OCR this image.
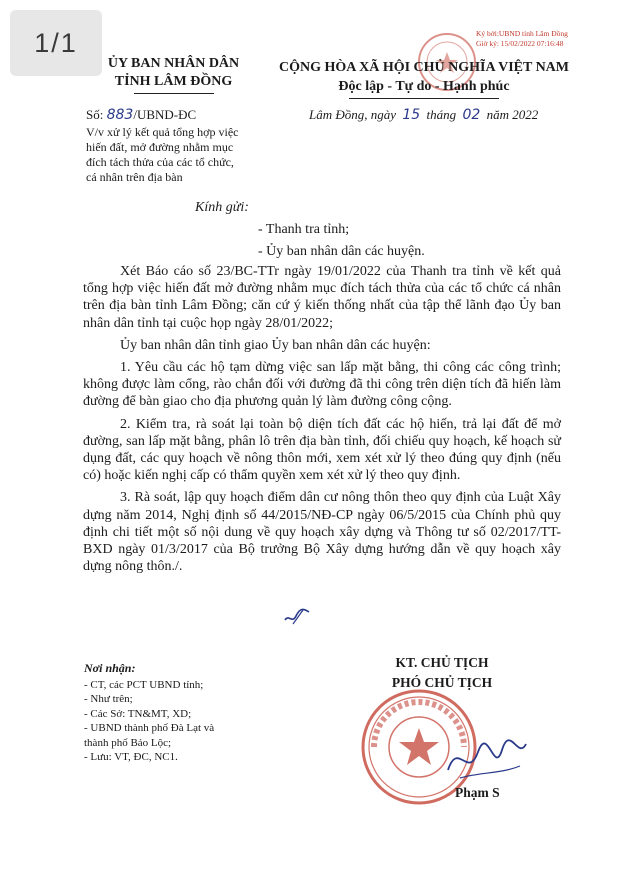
1/1	Ký bởi:UBND tỉnh Lâm Đồng
Giờ ký: 15/02/2022 07:16:48
ỦY BAN NHÂN DÂN
TỈNH LÂM ĐỒNG
CỘNG HÒA XÃ HỘI CHỦ NGHĨA VIỆT NAM
Độc lập - Tự do - Hạnh phúc
Số: 883/UBND-ĐC	Lâm Đồng, ngày 15 tháng 02 năm 2022
V/v xử lý kết quả tổng hợp việc
hiến đất, mở đường nhằm mục
đích tách thửa của các tổ chức,
cá nhân trên địa bàn
Kính gửi:
- Thanh tra tỉnh;
- Ủy ban nhân dân các huyện.

Xét Báo cáo số 23/BC-TTr ngày 19/01/2022 của Thanh tra tỉnh về kết quả tổng hợp việc hiến đất mở đường nhằm mục đích tách thửa của các tổ chức cá nhân trên địa bàn tỉnh Lâm Đồng; căn cứ ý kiến thống nhất của tập thể lãnh đạo Ủy ban nhân dân tỉnh tại cuộc họp ngày 28/01/2022;

Ủy ban nhân dân tỉnh giao Ủy ban nhân dân các huyện:

1. Yêu cầu các hộ tạm dừng việc san lấp mặt bằng, thi công các công trình; không được làm cổng, rào chắn đối với đường đã thi công trên diện tích đã hiến làm đường để bàn giao cho địa phương quản lý làm đường công cộng.

2. Kiểm tra, rà soát lại toàn bộ diện tích đất các hộ hiến, trả lại đất để mở đường, san lấp mặt bằng, phân lô trên địa bàn tỉnh, đối chiếu quy hoạch, kế hoạch sử dụng đất, các quy hoạch về nông thôn mới, xem xét xử lý theo đúng quy định (nếu có) hoặc kiến nghị cấp có thẩm quyền xem xét xử lý theo quy định.

3. Rà soát, lập quy hoạch điểm dân cư nông thôn theo quy định của Luật Xây dựng năm 2014, Nghị định số 44/2015/NĐ-CP ngày 06/5/2015 của Chính phủ quy định chi tiết một số nội dung về quy hoạch xây dựng và Thông tư số 02/2017/TT-BXD ngày 01/3/2017 của Bộ trưởng Bộ Xây dựng hướng dẫn về quy hoạch xây dựng nông thôn./.

Nơi nhận:
- CT, các PCT UBND tỉnh;
- Như trên;
- Các Sở: TN&MT, XD;
- UBND thành phố Đà Lạt và
thành phố Bảo Lộc;
- Lưu: VT, ĐC, NC1.
KT. CHỦ TỊCH
PHÓ CHỦ TỊCH
Phạm S
